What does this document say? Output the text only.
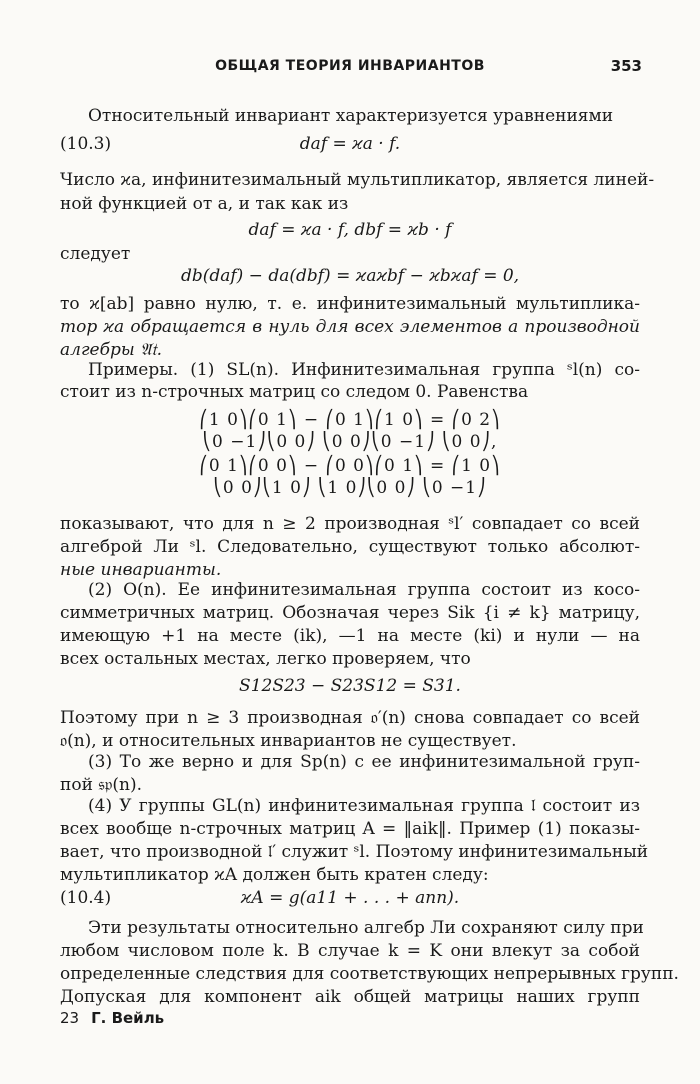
ОБЩАЯ ТЕОРИЯ ИНВАРИАНТОВ	353
Относительный инвариант характеризуется уравнениями
(10.3)	daf = ϰa · f.
Число ϰa, инфинитезимальный мультипликатор, является линей-
ной функцией от a, и так как из
daf = ϰa · f, dbf = ϰb · f
следует
db(daf) − da(dbf) = ϰaϰbf − ϰbϰaf = 0,
то ϰ[ab] равно нулю, т. е. инфинитезимальный мультиплика-
тор ϰa обращается в нуль для всех элементов a производной
алгебры 𝔄𝔱.
Примеры. (1) SL(n). Инфинитезимальная группа ˢl(n) со-
стоит из n-строчных матриц со следом 0. Равенства
⎛1 0⎞⎛0 1⎞ − ⎛0 1⎞⎛1 0⎞ = ⎛0 2⎞
⎝0 −1⎠⎝0 0⎠ ⎝0 0⎠⎝0 −1⎠ ⎝0 0⎠,
⎛0 1⎞⎛0 0⎞ − ⎛0 0⎞⎛0 1⎞ = ⎛1 0⎞
⎝0 0⎠⎝1 0⎠ ⎝1 0⎠⎝0 0⎠ ⎝0 −1⎠
показывают, что для n ≥ 2 производная ˢl′ совпадает со всей
алгеброй Ли ˢl. Следовательно, существуют только абсолют-
ные инварианты.
(2) O(n). Ее инфинитезимальная группа состоит из косо-
симметричных матриц. Обозначая через Sik {i ≠ k} матрицу,
имеющую +1 на месте (ik), —1 на месте (ki) и нули — на
всех остальных местах, легко проверяем, что
S12S23 − S23S12 = S31.
Поэтому при n ≥ 3 производная 𝔬′(n) снова совпадает со всей
𝔬(n), и относительных инвариантов не существует.
(3) То же верно и для Sp(n) с ее инфинитезимальной груп-
пой 𝔰𝔭(n).
(4) У группы GL(n) инфинитезимальная группа 𝔩 состоит из
всех вообще n-строчных матриц A = ‖aik‖. Пример (1) показы-
вает, что производной 𝔩′ служит ˢl. Поэтому инфинитезимальный
мультипликатор ϰA должен быть кратен следу:
(10.4)	ϰA = g(a11 + . . . + ann).
Эти результаты относительно алгебр Ли сохраняют силу при
любом числовом поле k. В случае k = K они влекут за собой
определенные следствия для соответствующих непрерывных групп.
Допуская для компонент aik общей матрицы наших групп
23 Г. Вейль
